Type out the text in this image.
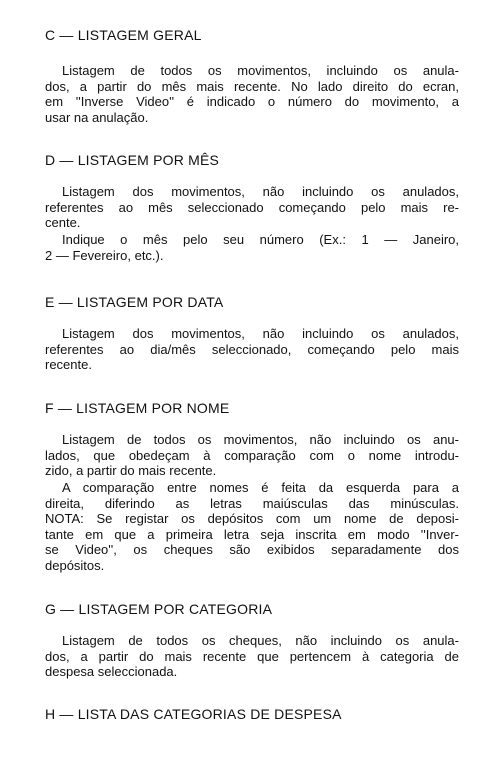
C — LISTAGEM GERAL
Listagem de todos os movimentos, incluindo os anula-
dos, a partir do mês mais recente. No lado direito do ecran,
em ''Inverse Video'' é indicado o número do movimento, a
usar na anulação.
D — LISTAGEM POR MÊS
Listagem dos movimentos, não incluindo os anulados,
referentes ao mês seleccionado começando pelo mais re-
cente.
Indique o mês pelo seu número (Ex.: 1 — Janeiro,
2 — Fevereiro, etc.).
E — LISTAGEM POR DATA
Listagem dos movimentos, não incluindo os anulados,
referentes ao dia/mês seleccionado, começando pelo mais
recente.
F — LISTAGEM POR NOME
Listagem de todos os movimentos, não incluindo os anu-
lados, que obedeçam à comparação com o nome introdu-
zido, a partir do mais recente.
A comparação entre nomes é feita da esquerda para a
direita, diferindo as letras maiúsculas das minúsculas.
NOTA: Se registar os depósitos com um nome de deposi-
tante em que a primeira letra seja inscrita em modo ''Inver-
se Video'', os cheques são exibidos separadamente dos
depósitos.
G — LISTAGEM POR CATEGORIA
Listagem de todos os cheques, não incluindo os anula-
dos, a partir do mais recente que pertencem à categoria de
despesa seleccionada.
H — LISTA DAS CATEGORIAS DE DESPESA
